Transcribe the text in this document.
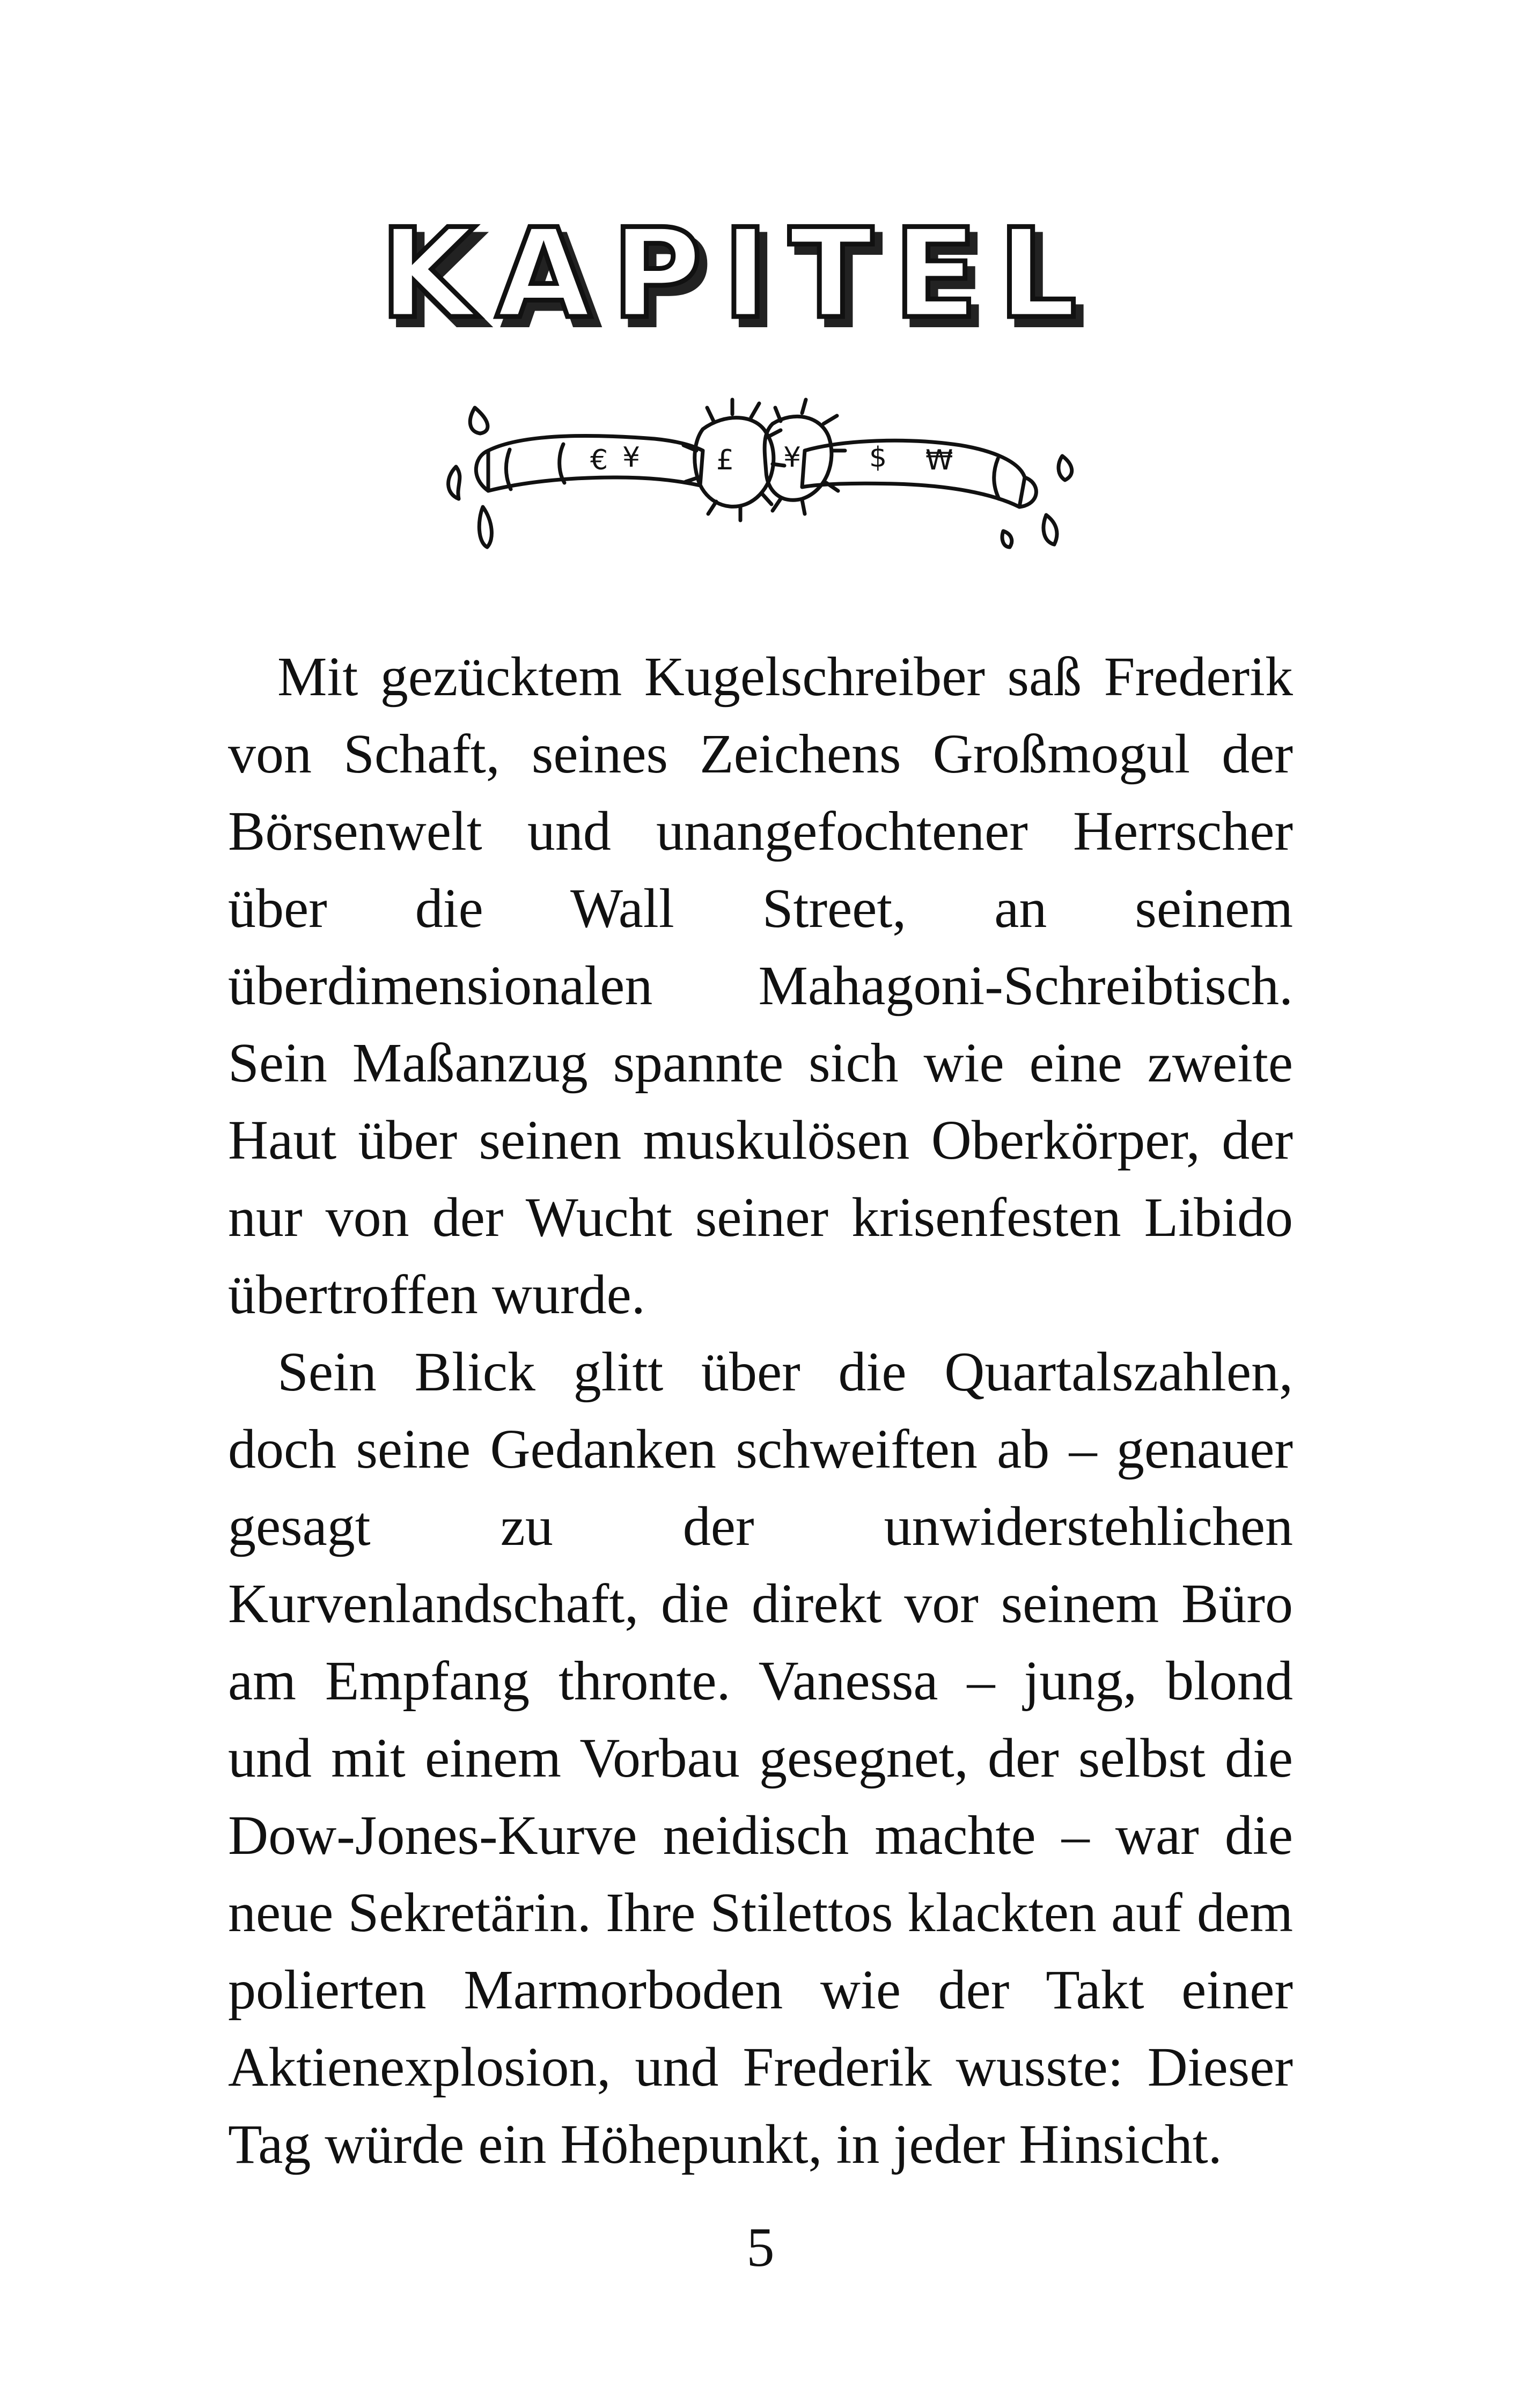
KAPITEL
KAPITEL
€ ¥	£ ¥ $ ₩

Mit gezücktem Kugelschreiber saß Frederik von Schaft, seines Zeichens Großmogul der Börsenwelt und unangefochtener Herrscher über die Wall Street, an seinem überdimensionalen Mahagoni-Schreibtisch. Sein Maßanzug spannte sich wie eine zweite Haut über seinen muskulösen Oberkörper, der nur von der Wucht seiner krisenfesten Libido übertroffen wurde.

Sein Blick glitt über die Quartalszahlen, doch seine Gedanken schweiften ab – genauer gesagt zu der unwiderstehlichen Kurvenlandschaft, die direkt vor seinem Büro am Empfang thronte. Vanessa – jung, blond und mit einem Vorbau gesegnet, der selbst die Dow-Jones-Kurve neidisch machte – war die neue Sekretärin. Ihre Stilettos klackten auf dem polierten Marmorboden wie der Takt einer Aktienexplosion, und Frederik wusste: Dieser Tag würde ein Höhepunkt, in jeder Hinsicht.

5
